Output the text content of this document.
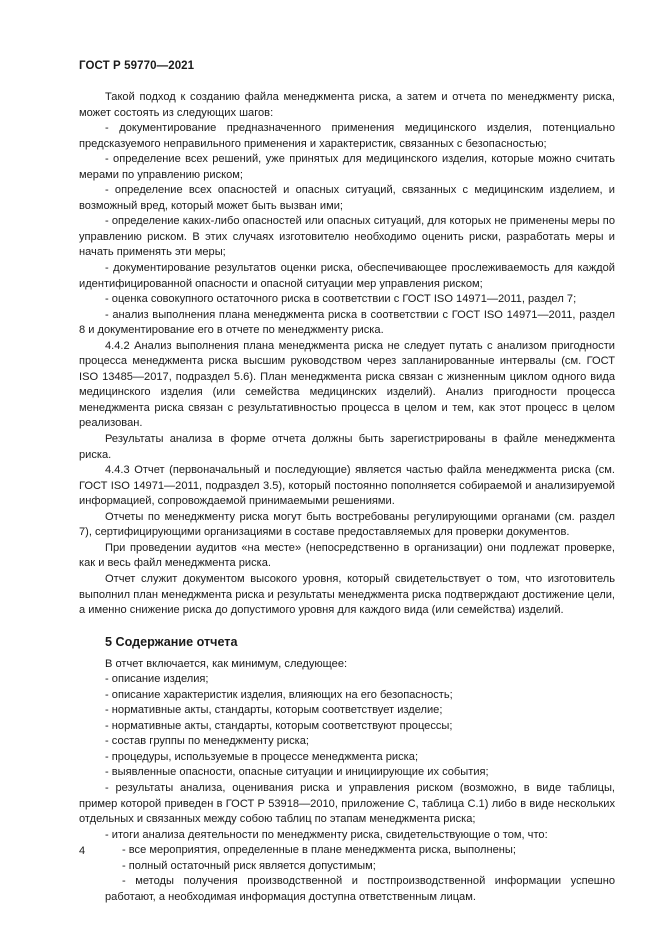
ГОСТ Р 59770—2021

Такой подход к созданию файла менеджмента риска, а затем и отчета по менеджменту риска, может состоять из следующих шагов:

- документирование предназначенного применения медицинского изделия, потенциально предсказуемого неправильного применения и характеристик, связанных с безопасностью;

- определение всех решений, уже принятых для медицинского изделия, которые можно считать мерами по управлению риском;

- определение всех опасностей и опасных ситуаций, связанных с медицинским изделием, и возможный вред, который может быть вызван ими;

- определение каких-либо опасностей или опасных ситуаций, для которых не применены меры по управлению риском. В этих случаях изготовителю необходимо оценить риски, разработать меры и начать применять эти меры;

- документирование результатов оценки риска, обеспечивающее прослеживаемость для каждой идентифицированной опасности и опасной ситуации мер управления риском;

- оценка совокупного остаточного риска в соответствии с ГОСТ ISO 14971—2011, раздел 7;

- анализ выполнения плана менеджмента риска в соответствии с ГОСТ ISO 14971—2011, раздел 8 и документирование его в отчете по менеджменту риска.

4.4.2 Анализ выполнения плана менеджмента риска не следует путать с анализом пригодности процесса менеджмента риска высшим руководством через запланированные интервалы (см. ГОСТ ISO 13485—2017, подраздел 5.6). План менеджмента риска связан с жизненным циклом одного вида медицинского изделия (или семейства медицинских изделий). Анализ пригодности процесса менеджмента риска связан с результативностью процесса в целом и тем, как этот процесс в целом реализован.

Результаты анализа в форме отчета должны быть зарегистрированы в файле менеджмента риска.

4.4.3 Отчет (первоначальный и последующие) является частью файла менеджмента риска (см. ГОСТ ISO 14971—2011, подраздел 3.5), который постоянно пополняется собираемой и анализируемой информацией, сопровождаемой принимаемыми решениями.

Отчеты по менеджменту риска могут быть востребованы регулирующими органами (см. раздел 7), сертифицирующими организациями в составе предоставляемых для проверки документов.

При проведении аудитов «на месте» (непосредственно в организации) они подлежат проверке, как и весь файл менеджмента риска.

Отчет служит документом высокого уровня, который свидетельствует о том, что изготовитель выполнил план менеджмента риска и результаты менеджмента риска подтверждают достижение цели, а именно снижение риска до допустимого уровня для каждого вида (или семейства) изделий.

5 Содержание отчета

В отчет включается, как минимум, следующее:

- описание изделия;

- описание характеристик изделия, влияющих на его безопасность;

- нормативные акты, стандарты, которым соответствует изделие;

- нормативные акты, стандарты, которым соответствуют процессы;

- состав группы по менеджменту риска;

- процедуры, используемые в процессе менеджмента риска;

- выявленные опасности, опасные ситуации и инициирующие их события;

- результаты анализа, оценивания риска и управления риском (возможно, в виде таблицы, пример которой приведен в ГОСТ Р 53918—2010, приложение С, таблица С.1) либо в виде нескольких отдельных и связанных между собою таблиц по этапам менеджмента риска;

- итоги анализа деятельности по менеджменту риска, свидетельствующие о том, что:

- все мероприятия, определенные в плане менеджмента риска, выполнены;

- полный остаточный риск является допустимым;

- методы получения производственной и постпроизводственной информации успешно работают, а необходимая информация доступна ответственным лицам.

4
